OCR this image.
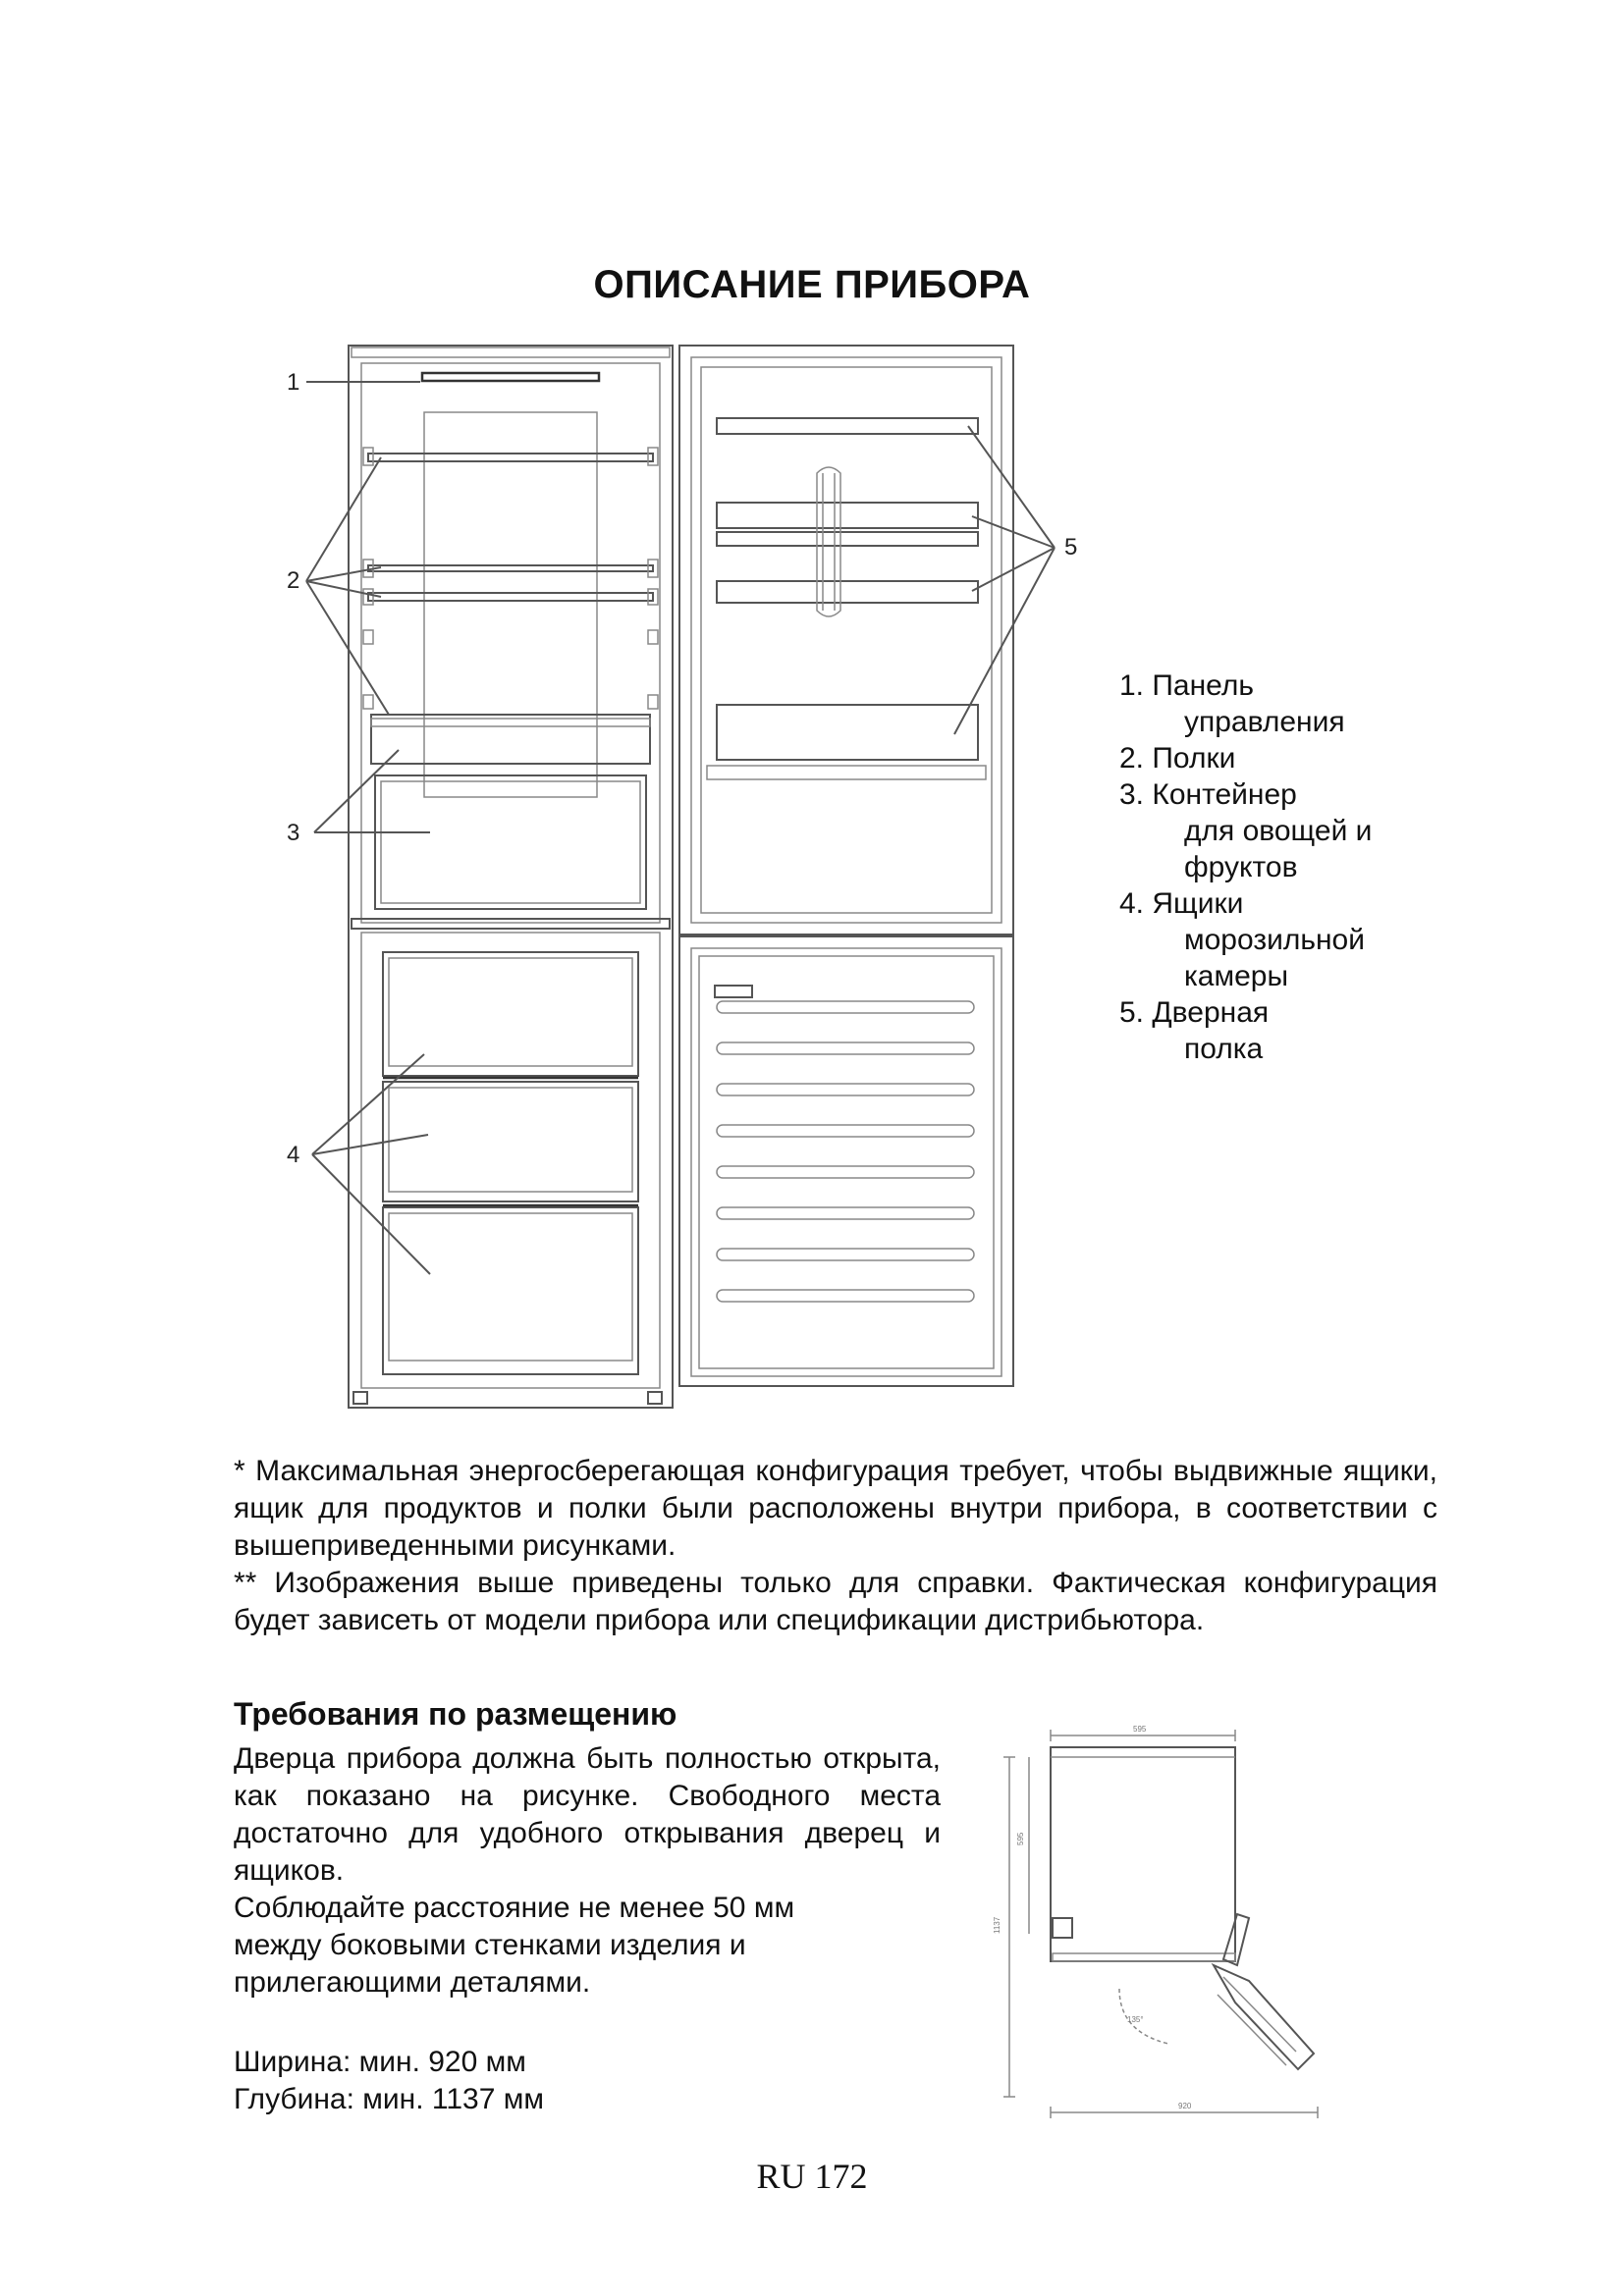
ОПИСАНИЕ ПРИБОРА
1
2
3
4
5
1. Панель
управления
2. Полки
3. Контейнер
для овощей и
фруктов
4. Ящики
морозильной
камеры
5. Дверная
полка

* Максимальная энергосберегающая конфигурация требует, чтобы выдвижные ящики, ящик для продуктов и полки были расположены внутри прибора, в соответствии с вышеприведенными рисунками.

** Изображения выше приведены только для справки. Фактическая конфигурация будет зависеть от модели прибора или спецификации дистрибьютора.

Требования по размещению

Дверца прибора должна быть полностью открыта, как показано на рисунке. Свободного места достаточно для удобного открывания дверец и ящиков.

Соблюдайте расстояние не менее 50 мм

между боковыми стенками изделия и

прилегающими деталями.

Ширина: мин. 920 мм
Глубина: мин. 1137 мм
595
1137
595
920
135°
RU 172
